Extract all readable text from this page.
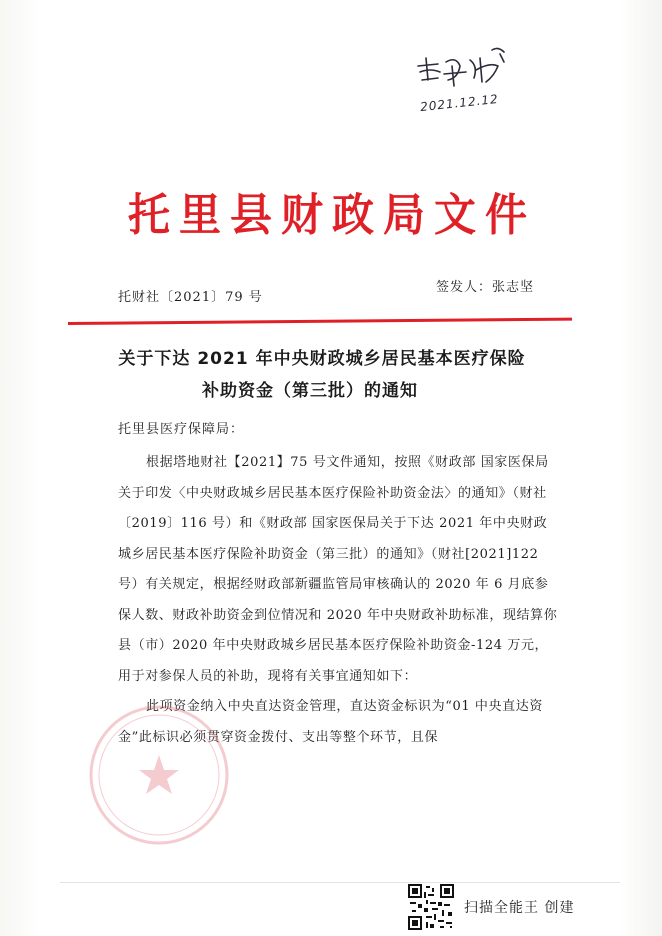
2021.12.12
托里县财政局文件
托财社〔2021〕79 号
签发人：张志坚
关于下达 2021 年中央财政城乡居民基本医疗保险
补助资金（第三批）的通知
托里县医疗保障局：

根据塔地财社【2021】75 号文件通知，按照《财政部 国家医保局关于印发〈中央财政城乡居民基本医疗保险补助资金法〉的通知》（财社〔2019〕116 号）和《财政部 国家医保局关于下达 2021 年中央财政城乡居民基本医疗保险补助资金（第三批）的通知》（财社[2021]122 号）有关规定，根据经财政部新疆监管局审核确认的 2020 年 6 月底参保人数、财政补助资金到位情况和 2020 年中央财政补助标准，现结算你县（市）2020 年中央财政城乡居民基本医疗保险补助资金-124 万元，用于对参保人员的补助，现将有关事宜通知如下：

此项资金纳入中央直达资金管理，直达资金标识为“01 中央直达资金”此标识必须贯穿资金拨付、支出等整个环节，且保

扫描全能王 创建
